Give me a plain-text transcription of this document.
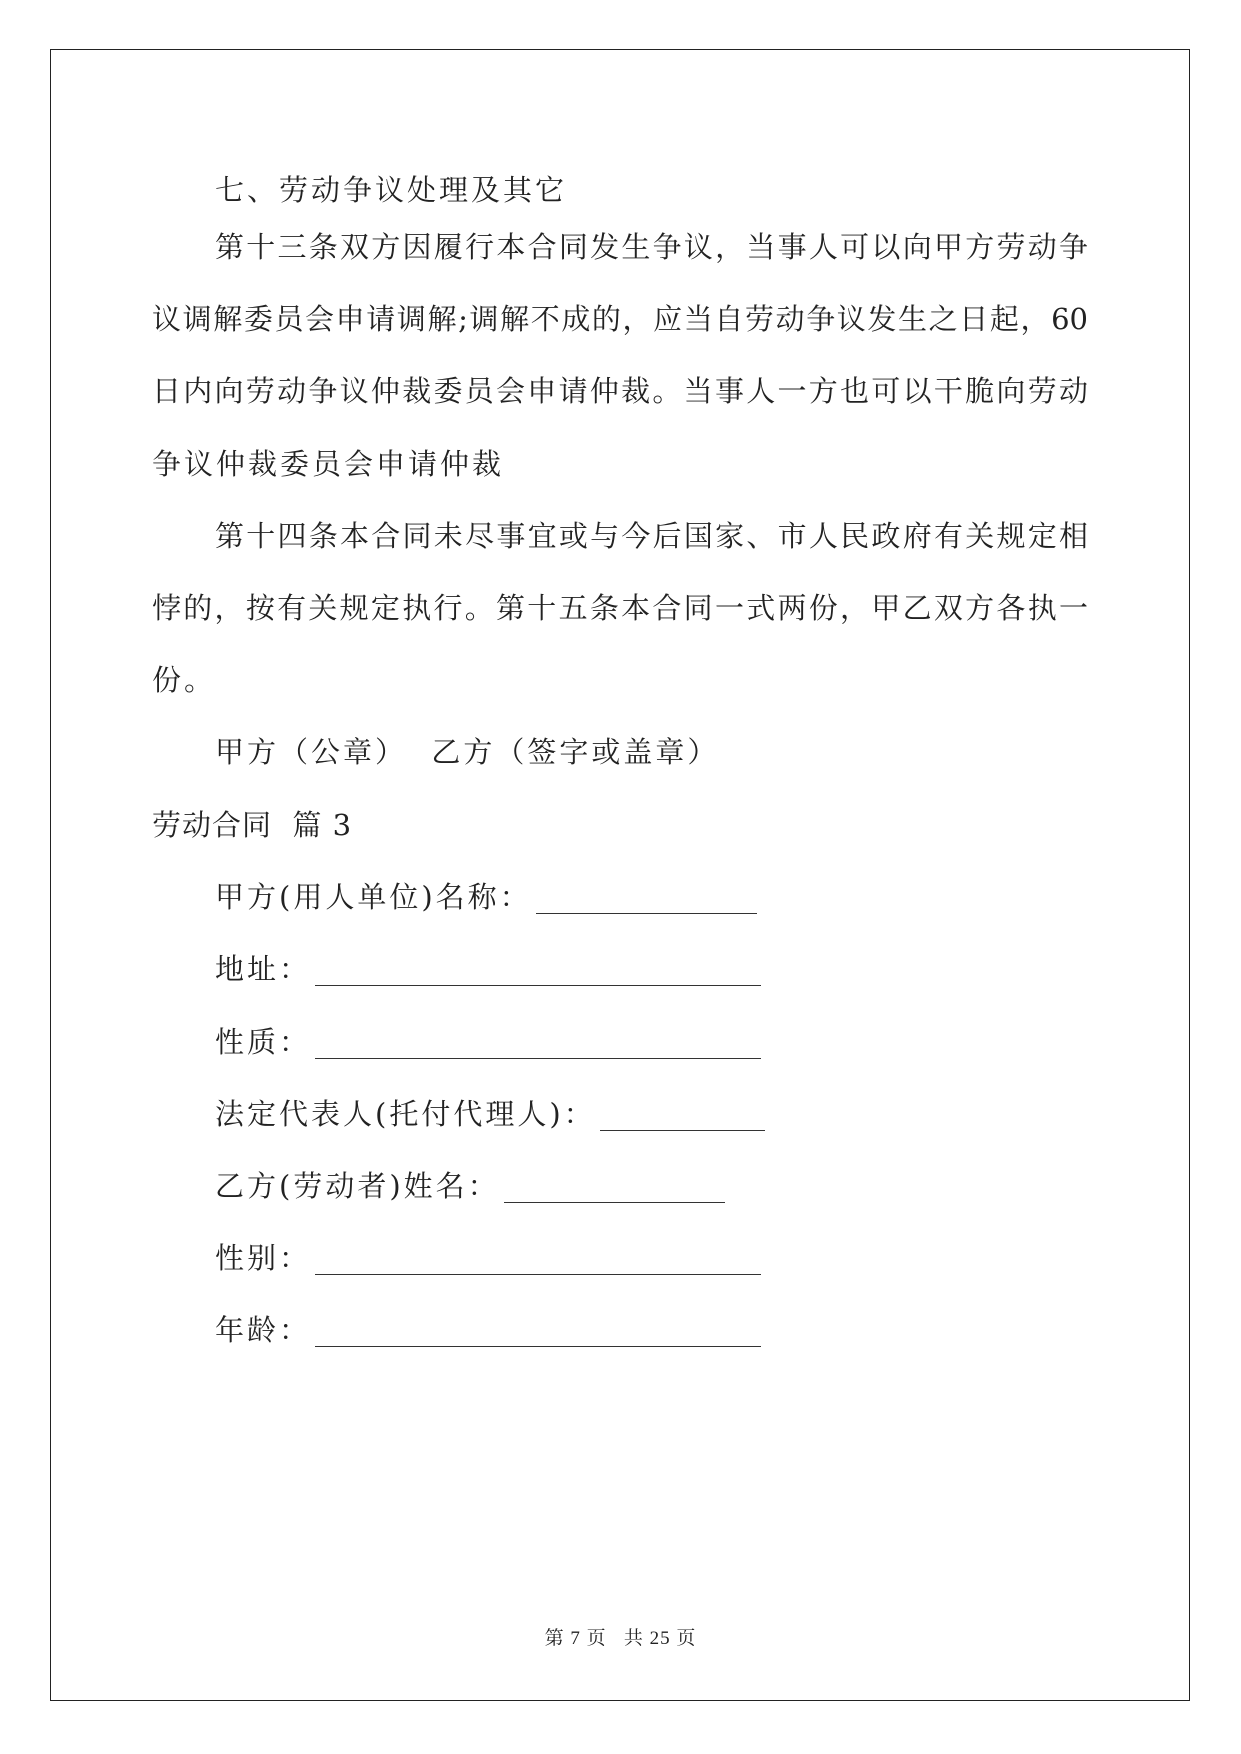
七、劳动争议处理及其它
第十三条双方因履行本合同发生争议，当事人可以向甲方劳动争
议调解委员会申请调解;调解不成的，应当自劳动争议发生之日起，60
日内向劳动争议仲裁委员会申请仲裁。当事人一方也可以干脆向劳动
争议仲裁委员会申请仲裁
第十四条本合同未尽事宜或与今后国家、市人民政府有关规定相
悖的，按有关规定执行。第十五条本合同一式两份，甲乙双方各执一
份。
甲方（公章）  乙方（签字或盖章）
劳动合同  篇 3
甲方(用人单位)名称：
地址：
性质：
法定代表人(托付代理人)：
乙方(劳动者)姓名：
性别：
年龄：
第 7 页   共 25 页
